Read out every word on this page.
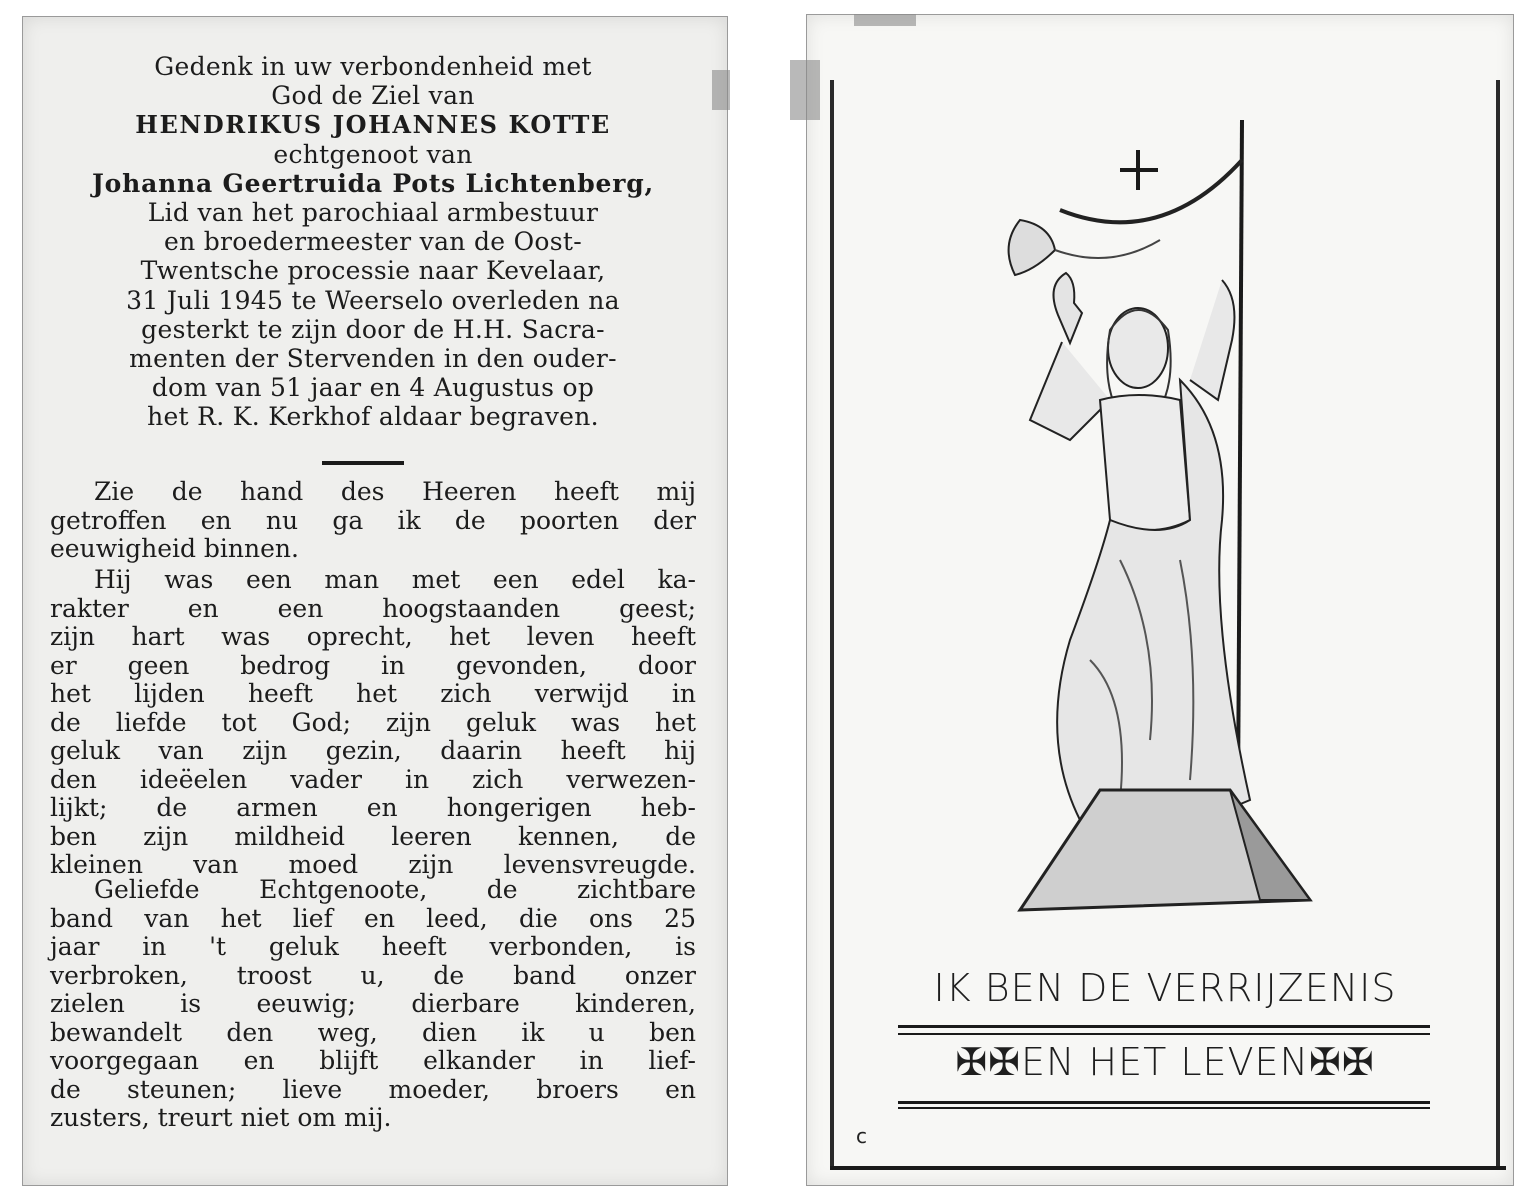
Gedenk in uw verbondenheid met
God de Ziel van
HENDRIKUS JOHANNES KOTTE
echtgenoot van
Johanna Geertruida Pots Lichtenberg,
Lid van het parochiaal armbestuur
en broedermeester van de Oost-
Twentsche processie naar Kevelaar,
31 Juli 1945 te Weerselo overleden na
gesterkt te zijn door de H.H. Sacra-
menten der Stervenden in den ouder-
dom van 51 jaar en 4 Augustus op
het R. K. Kerkhof aldaar begraven.
Zie de hand des Heeren heeft mij
getroffen en nu ga ik de poorten der
eeuwigheid binnen.
Hij was een man met een edel ka-
rakter en een hoogstaanden geest;
zijn hart was oprecht, het leven heeft
er geen bedrog in gevonden, door
het lijden heeft het zich verwijd in
de liefde tot God; zijn geluk was het
geluk van zijn gezin, daarin heeft hij
den ideëelen vader in zich verwezen-
lijkt; de armen en hongerigen heb-
ben zijn mildheid leeren kennen, de
kleinen van moed zijn levensvreugde.
Geliefde Echtgenoote, de zichtbare
band van het lief en leed, die ons 25
jaar in 't geluk heeft verbonden, is
verbroken, troost u, de band onzer
zielen is eeuwig; dierbare kinderen,
bewandelt den weg, dien ik u ben
voorgegaan en blijft elkander in lief-
de steunen; lieve moeder, broers en
zusters, treurt niet om mij.
IK BEN DE VERRIJZENIS
✠✠EN HET LEVEN✠✠
c
